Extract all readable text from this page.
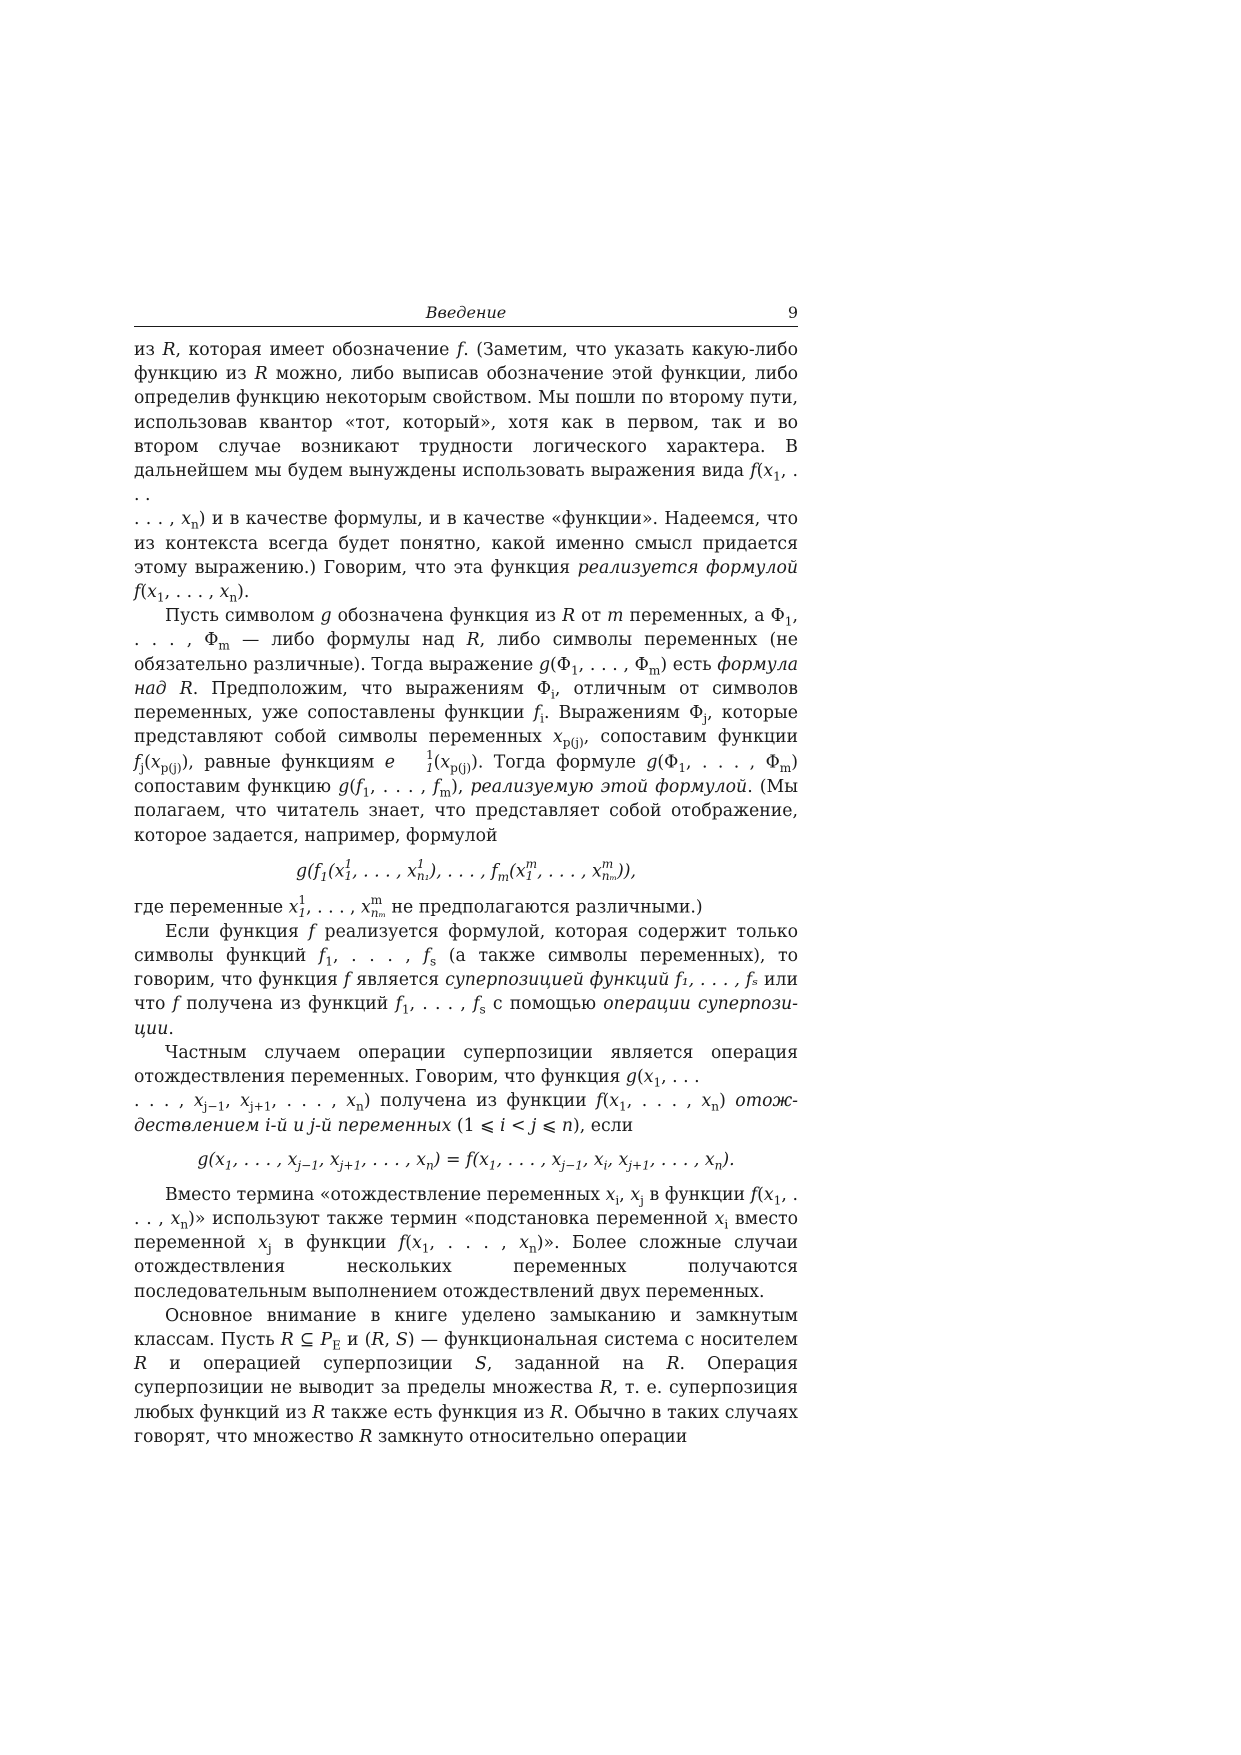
Введение	9

из R, которая имеет обозначение f. (Заметим, что указать какую-либо функцию из R можно, либо выписав обозначение этой функции, либо определив функцию некоторым свойством. Мы пошли по второму пути, использовав квантор «тот, который», хотя как в первом, так и во втором случае возникают трудности логического характера. В дальнейшем мы будем вынуждены использовать выражения вида $f(x_1$, . . .
. . . , $x_n$) и в качестве формулы, и в качестве «функции». Надеемся, что из контекста всегда будет понятно, какой именно смысл придается этому выражению.) Говорим, что эта функция реализуется формулой $f(x_1$, . . . , $x_n$).

Пусть символом g обозначена функция из R от m переменных, а $\Phi_1$, . . . , $\Phi_m$ — либо формулы над R, либо символы переменных (не обязательно различные). Тогда выражение $g(\Phi_1$, . . . , $\Phi_m$) есть формула над R. Предположим, что выражениям $\Phi_i$, отличным от символов переменных, уже сопоставлены функции $f_i$. Выражениям $\Phi_j$, которые представляют собой символы переменных $x_{p(j)}$, сопоставим функции $f_j(x_{p(j)})$, равные функциям e	1
1 $(x_{p(j)})$. Тогда формуле $g(\Phi_1$, . . . , $\Phi_m$) сопоставим функцию $g(f_1$, . . . , $f_m$), реализуемую этой формулой. (Мы полагаем, что читатель знает, что представляет собой отображение, которое задается, например, формулой

$g(f_1(x$ 1
1 , . . . , x 1
n₁ ), . . . , $f_m(x$ m
1 , . . . , x m
nₘ )),

где переменные x 1
1 , . . . , x m
nₘ не предполагаются различными.)

Если функция f реализуется формулой, которая содержит только символы функций $f_1$, . . . , $f_s$ (а также символы переменных), то говорим, что функция f является суперпозицией функций f₁, . . . , fₛ или что f получена из функций $f_1$, . . . , $f_s$ с помощью операции суперпозиции.

Частным случаем операции суперпозиции является операция отождествления переменных. Говорим, что функция $g(x_1$, . . .
. . . , $x_{j-1}$, $x_{j+1}$, . . . , $x_n$) получена из функции $f(x_1$, . . . , $x_n$) отождествлением i-й и j-й переменных (1 ⩽ i < j ⩽ n), если

$g(x_1$, . . . , $x_{j-1}$, $x_{j+1}$, . . . , $x_n) = f(x_1$, . . . , $x_{j-1}$, $x_i$, $x_{j+1}$, . . . , $x_n$).

Вместо термина «отождествление переменных $x_i$, $x_j$ в функции $f(x_1$, . . . , $x_n$)» используют также термин «подстановка переменной $x_i$ вместо переменной $x_j$ в функции $f(x_1$, . . . , $x_n$)». Более сложные случаи отождествления нескольких переменных получаются последовательным выполнением отождествлений двух переменных.

Основное внимание в книге уделено замыканию и замкнутым классам. Пусть R ⊆ $P_E$ и (R, S) — функциональная система с носителем R и операцией суперпозиции S, заданной на R. Операция суперпозиции не выводит за пределы множества R, т. е. суперпозиция любых функций из R также есть функция из R. Обычно в таких случаях говорят, что множество R замкнуто относительно операции
